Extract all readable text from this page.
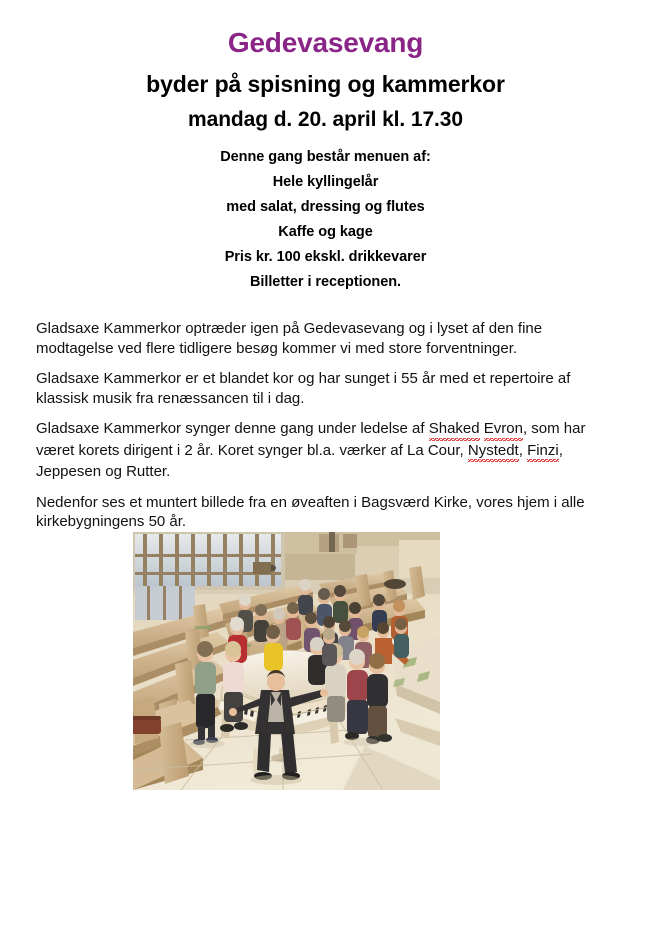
Gedevasevang
byder på spisning og kammerkor
mandag d. 20. april kl. 17.30
Denne gang består menuen af:
Hele kyllingelår
med salat, dressing og flutes
Kaffe og kage
Pris kr. 100 ekskl. drikkevarer
Billetter i receptionen.

Gladsaxe Kammerkor optræder igen på Gedevasevang og i lyset af den fine modtagelse ved flere tidligere besøg kommer vi med store forventninger.

Gladsaxe Kammerkor er et blandet kor og har sunget i 55 år med et repertoire af klassisk musik fra renæssancen til i dag.

Gladsaxe Kammerkor synger denne gang under ledelse af Shaked Evron, som har været korets dirigent i 2 år. Koret synger bl.a. værker af La Cour, Nystedt, Finzi, Jeppesen og Rutter.

Nedenfor ses et muntert billede fra en øveaften i Bagsværd Kirke, vores hjem i alle kirkebygningens 50 år.
